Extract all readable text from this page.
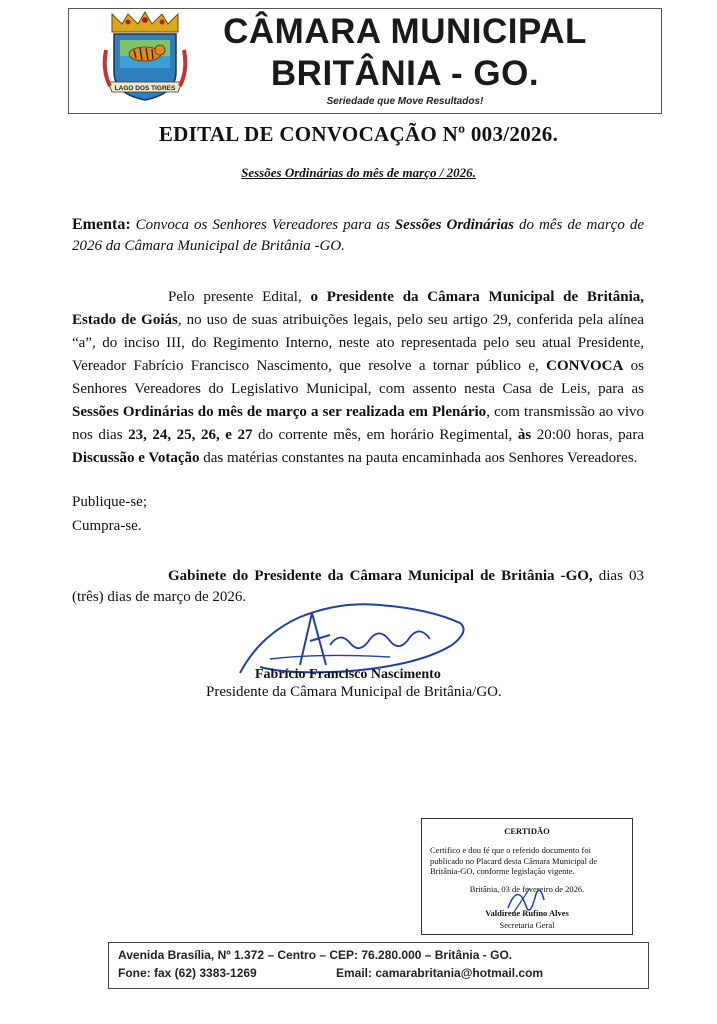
LAGO DOS TIGRES
CÂMARA MUNICIPAL
BRITÂNIA - GO.
Seriedade que Move Resultados!
EDITAL DE CONVOCAÇÃO Nº 003/2026.
Sessões Ordinárias do mês de março / 2026.
Ementa: Convoca os Senhores Vereadores para as Sessões Ordinárias do mês de março de 2026 da Câmara Municipal de Britânia -GO.
Pelo presente Edital, o Presidente da Câmara Municipal de Britânia, Estado de Goiás, no uso de suas atribuições legais, pelo seu artigo 29, conferida pela alínea “a”, do inciso III, do Regimento Interno, neste ato representada pelo seu atual Presidente, Vereador Fabrício Francisco Nascimento, que resolve a tornar público e, CONVOCA os Senhores Vereadores do Legislativo Municipal, com assento nesta Casa de Leis, para as Sessões Ordinárias do mês de março a ser realizada em Plenário, com transmissão ao vivo nos dias 23, 24, 25, 26, e 27 do corrente mês, em horário Regimental, às 20:00 horas, para Discussão e Votação das matérias constantes na pauta encaminhada aos Senhores Vereadores.
Publique-se;
Cumpra-se.
Gabinete do Presidente da Câmara Municipal de Britânia -GO, dias 03 (três) dias de março de 2026.
Fabrício Francisco Nascimento
Presidente da Câmara Municipal de Britânia/GO.
CERTIDÃO
Certifico e dou fé que o referido documento foi publicado no Placard desta Câmara Municipal de Britânia-GO, conforme legislação vigente.
Britânia, 03 de fevereiro de 2026.
Valdirene Rufino Alves
Secretaria Geral
Avenida Brasília, Nº 1.372 – Centro – CEP: 76.280.000 – Britânia - GO.
Fone: fax (62) 3383-1269	Email: camarabritania@hotmail.com
